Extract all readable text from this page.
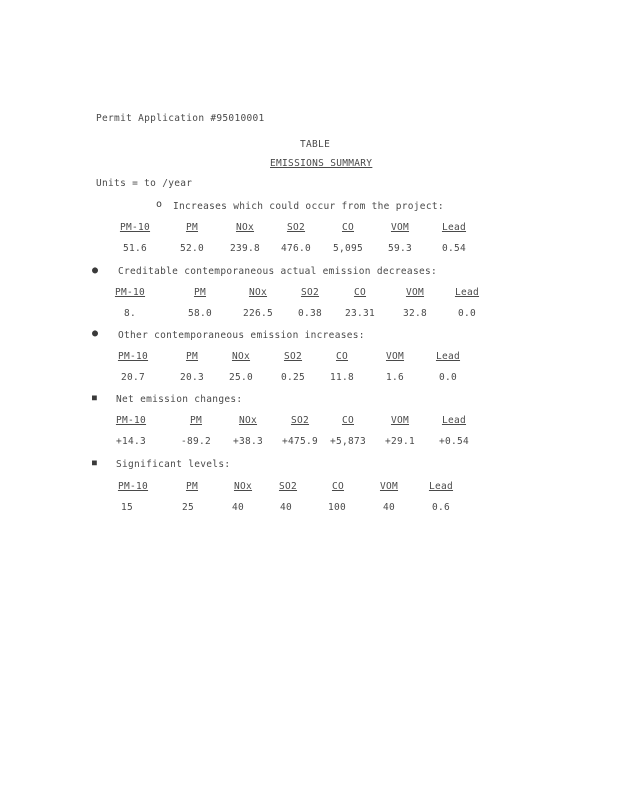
Permit Application #95010001
TABLE
EMISSIONS SUMMARY
Units = to /year
o Increases which could occur from the project:
PM-10	PM	NOx	SO2	CO	VOM	Lead
51.6	52.0	239.8	476.0	5,095	59.3	0.54
● Creditable contemporaneous actual emission decreases:
PM-10	PM	NOx	SO2	CO	VOM	Lead
8.	58.0	226.5	0.38	23.31	32.8	0.0
● Other contemporaneous emission increases:
PM-10	PM	NOx	SO2	CO	VOM	Lead
20.7	20.3	25.0	0.25	11.8	1.6	0.0
■ Net emission changes:
PM-10	PM	NOx	SO2	CO	VOM	Lead
+14.3	-89.2	+38.3	+475.9	+5,873	+29.1	+0.54
■ Significant levels:
PM-10	PM	NOx	SO2	CO	VOM	Lead
15	25	40	40	100	40	0.6
